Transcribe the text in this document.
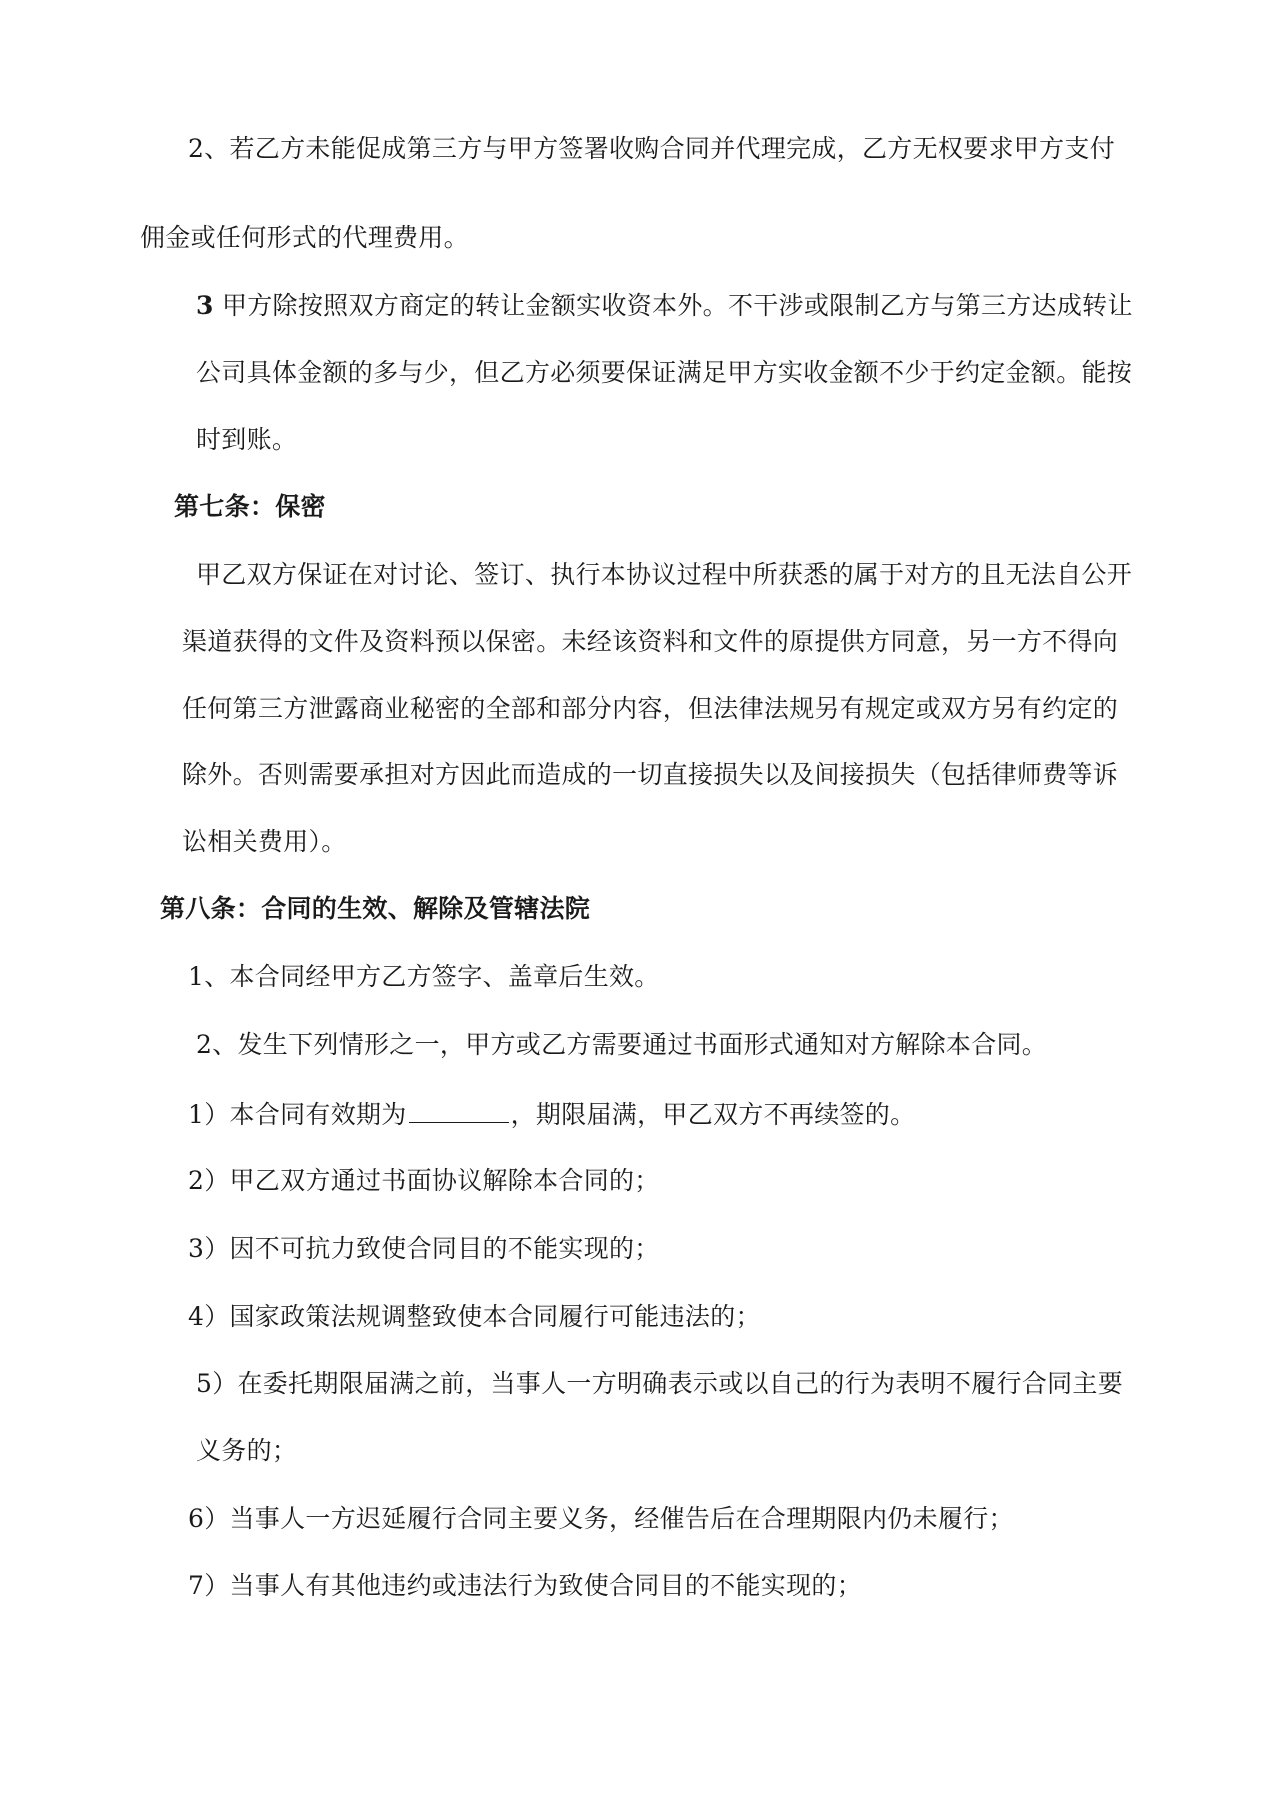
2、若乙方未能促成第三方与甲方签署收购合同并代理完成，乙方无权要求甲方支付
佣金或任何形式的代理费用。
3 甲方除按照双方商定的转让金额实收资本外。不干涉或限制乙方与第三方达成转让
公司具体金额的多与少，但乙方必须要保证满足甲方实收金额不少于约定金额。能按
时到账。
第七条：保密
甲乙双方保证在对讨论、签订、执行本协议过程中所获悉的属于对方的且无法自公开
渠道获得的文件及资料预以保密。未经该资料和文件的原提供方同意，另一方不得向
任何第三方泄露商业秘密的全部和部分内容，但法律法规另有规定或双方另有约定的
除外。否则需要承担对方因此而造成的一切直接损失以及间接损失（包括律师费等诉
讼相关费用）。
第八条：合同的生效、解除及管辖法院
1、本合同经甲方乙方签字、盖章后生效。
2、发生下列情形之一，甲方或乙方需要通过书面形式通知对方解除本合同。
1）本合同有效期为	，期限届满，甲乙双方不再续签的。
2）甲乙双方通过书面协议解除本合同的；
3）因不可抗力致使合同目的不能实现的；
4）国家政策法规调整致使本合同履行可能违法的；
5）在委托期限届满之前，当事人一方明确表示或以自己的行为表明不履行合同主要
义务的；
6）当事人一方迟延履行合同主要义务，经催告后在合理期限内仍未履行；
7）当事人有其他违约或违法行为致使合同目的不能实现的；
